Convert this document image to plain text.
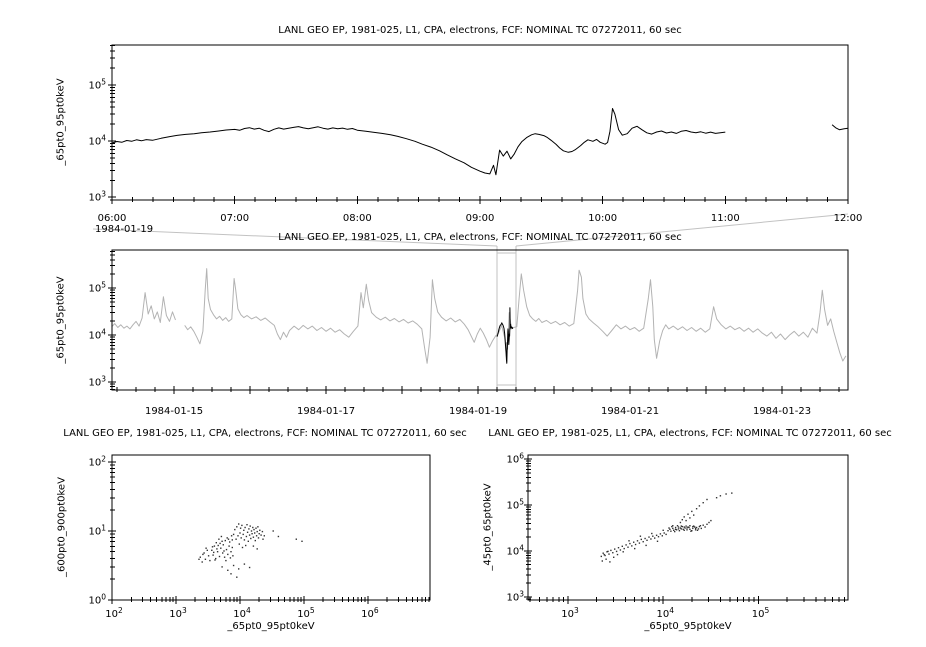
06:00	07:00	08:00	09:00	10:00	11:00	12:00
$10^3$
$10^4$
$10^5$
1984-01-15	1984-01-17	1984-01-19	1984-01-21	1984-01-23
$10^3$
$10^4$
$10^5$
$10^2$	$10^3$	$10^4$	$10^5$	$10^6$
$10^0$
$10^1$
$10^2$
$10^3$	$10^4$	$10^5$
$10^3$
$10^4$
$10^5$
$10^6$
LANL GEO EP, 1981-025, L1, CPA, electrons, FCF: NOMINAL TC 07272011, 60 sec
LANL GEO EP, 1981-025, L1, CPA, electrons, FCF: NOMINAL TC 07272011, 60 sec
LANL GEO EP, 1981-025, L1, CPA, electrons, FCF: NOMINAL TC 07272011, 60 sec LANL GEO EP, 1981-025, L1, CPA, electrons, FCF: NOMINAL TC 07272011, 60 sec
_65pt0_95pt0keV
_65pt0_95pt0keV
_600pt0_900pt0keV	_45pt0_65pt0keV
_65pt0_95pt0keV	_65pt0_95pt0keV
1984-01-19
